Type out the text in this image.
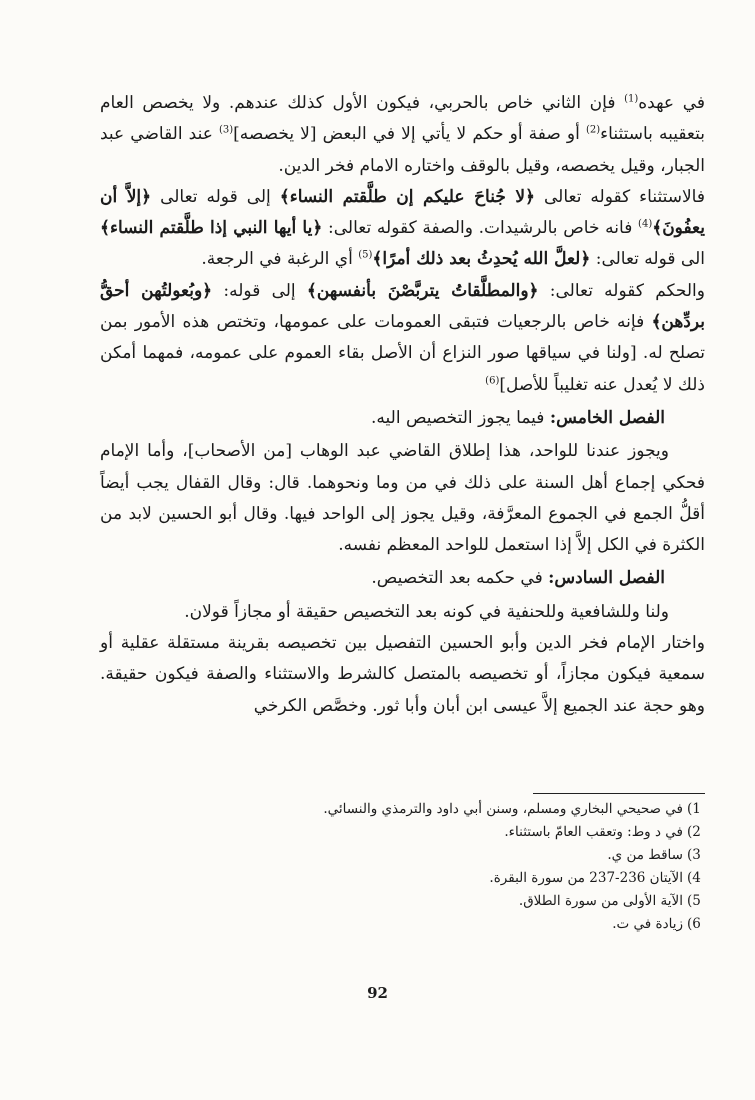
في عهده$^{(1)}$ فإن الثاني خاص بالحربي، فيكون الأول كذلك عندهم. ولا يخصص العام بتعقيبه باستثناء$^{(2)}$ أو صفة أو حكم لا يأتي إلا في البعض [لا يخصصه]$^{(3)}$ عند القاضي عبد الجبار، وقيل يخصصه، وقيل بالوقف واختاره الامام فخر الدين.

فالاستثناء كقوله تعالى ﴿لا جُناحَ عليكم إن طلَّقتم النساء﴾ إلى قوله تعالى ﴿إلاَّ أن يعفُونَ﴾$^{(4)}$ فانه خاص بالرشيدات. والصفة كقوله تعالى: ﴿يا أيها النبي إذا طلَّقتم النساء﴾ الى قوله تعالى: ﴿لعلَّ الله يُحدِثُ بعد ذلك أمرًا﴾$^{(5)}$ أي الرغبة في الرجعة.

والحكم كقوله تعالى: ﴿والمطلَّقاتُ يتربَّصْنَ بأنفسهن﴾ إلى قوله: ﴿وبُعولتُهن أحقُّ بردِّهن﴾ فإنه خاص بالرجعيات فتبقى العمومات على عمومها، وتختص هذه الأمور بمن تصلح له. [ولنا في سياقها صور النزاع أن الأصل بقاء العموم على عمومه، فمهما أمكن ذلك لا يُعدل عنه تغليباً للأصل]$^{(6)}$

الفصل الخامس: فيما يجوز التخصيص اليه.

ويجوز عندنا للواحد، هذا إطلاق القاضي عبد الوهاب [من الأصحاب]، وأما الإمام فحكي إجماع أهل السنة على ذلك في من وما ونحوهما. قال: وقال القفال يجب أيضاً أقلُّ الجمع في الجموع المعرَّفة، وقيل يجوز إلى الواحد فيها. وقال أبو الحسين لابد من الكثرة في الكل إلاَّ إذا استعمل للواحد المعظم نفسه.

الفصل السادس: في حكمه بعد التخصيص.

ولنا وللشافعية وللحنفية في كونه بعد التخصيص حقيقة أو مجازاً قولان.

واختار الإمام فخر الدين وأبو الحسين التفصيل بين تخصيصه بقرينة مستقلة عقلية أو سمعية فيكون مجازاً، أو تخصيصه بالمتصل كالشرط والاستثناء والصفة فيكون حقيقة. وهو حجة عند الجميع إلاَّ عيسى ابن أبان وأبا ثور. وخصَّص الكرخي

1)في صحيحي البخاري ومسلم، وسنن أبي داود والترمذي والنسائي.
2)في د وط: وتعقب العامّ باستثناء.
3)ساقط من ي.
4)الآيتان 236-237 من سورة البقرة.
5)الآية الأولى من سورة الطلاق.
6)زيادة في ت.
92
